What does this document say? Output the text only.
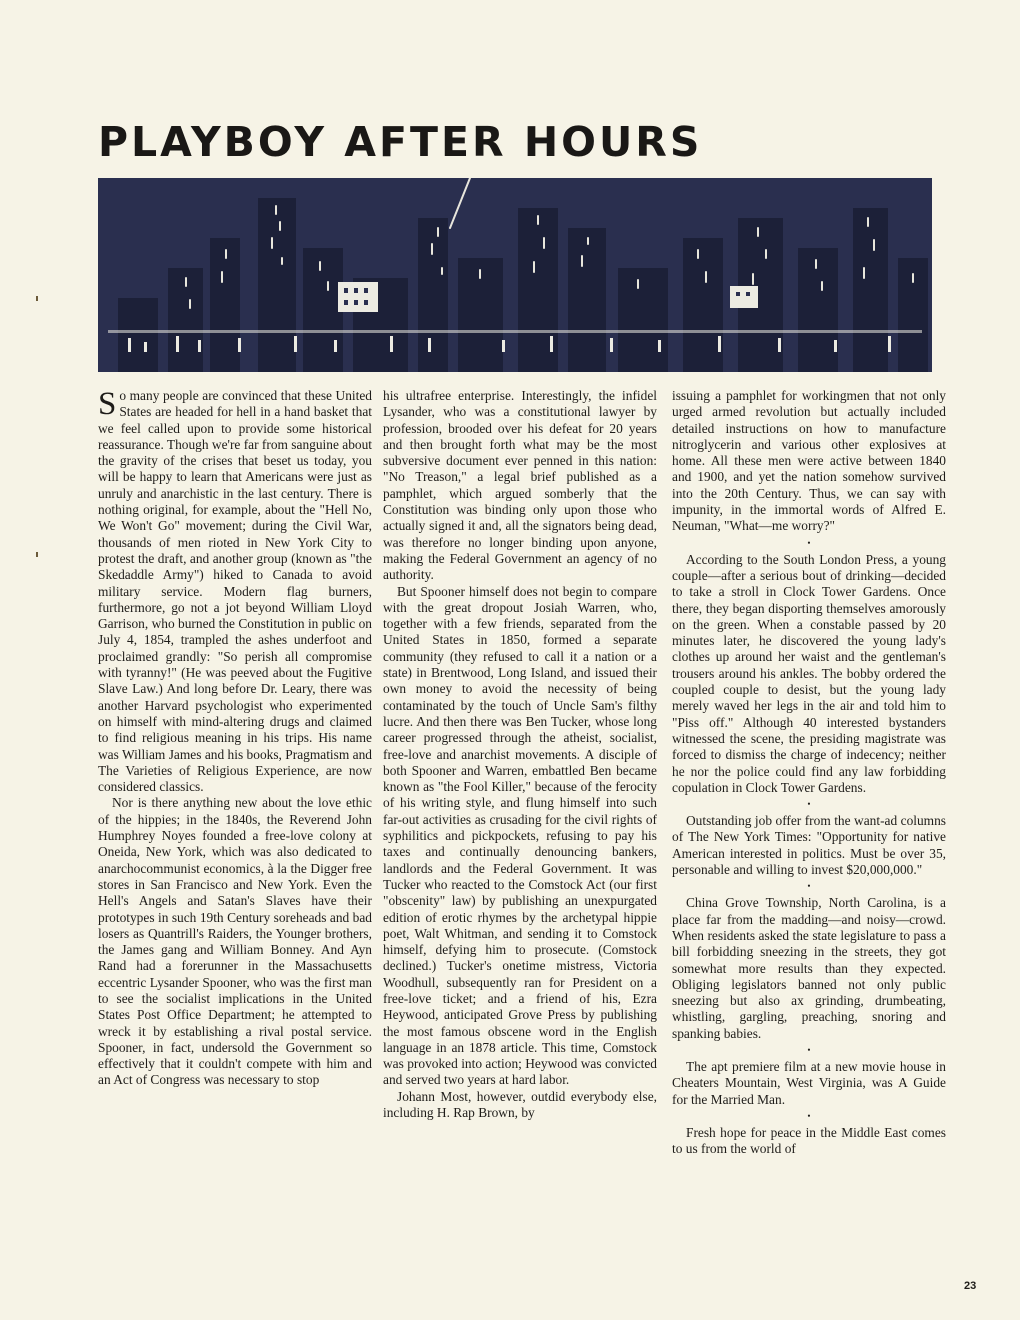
PLAYBOY AFTER HOURS

So many people are convinced that these United States are headed for hell in a hand basket that we feel called upon to provide some historical reassurance. Though we're far from sanguine about the gravity of the crises that beset us today, you will be happy to learn that Americans were just as unruly and anarchistic in the last century. There is nothing original, for example, about the "Hell No, We Won't Go" movement; during the Civil War, thousands of men rioted in New York City to protest the draft, and another group (known as "the Skedaddle Army") hiked to Canada to avoid military service. Modern flag burners, furthermore, go not a jot beyond William Lloyd Garrison, who burned the Constitution in public on July 4, 1854, trampled the ashes underfoot and proclaimed grandly: "So perish all compromise with tyranny!" (He was peeved about the Fugitive Slave Law.) And long before Dr. Leary, there was another Harvard psychologist who experimented on himself with mind-altering drugs and claimed to find religious meaning in his trips. His name was William James and his books, Pragmatism and The Varieties of Religious Experience, are now considered classics.

Nor is there anything new about the love ethic of the hippies; in the 1840s, the Reverend John Humphrey Noyes founded a free-love colony at Oneida, New York, which was also dedicated to anarchocommunist economics, à la the Digger free stores in San Francisco and New York. Even the Hell's Angels and Satan's Slaves have their prototypes in such 19th Century soreheads and bad losers as Quantrill's Raiders, the Younger brothers, the James gang and William Bonney. And Ayn Rand had a forerunner in the Massachusetts eccentric Lysander Spooner, who was the first man to see the socialist implications in the United States Post Office Department; he attempted to wreck it by establishing a rival postal service. Spooner, in fact, undersold the Government so effectively that it couldn't compete with him and an Act of Congress was necessary to stop

his ultrafree enterprise. Interestingly, the infidel Lysander, who was a constitutional lawyer by profession, brooded over his defeat for 20 years and then brought forth what may be the most subversive document ever penned in this nation: "No Treason," a legal brief published as a pamphlet, which argued somberly that the Constitution was binding only upon those who actually signed it and, all the signators being dead, was therefore no longer binding upon anyone, making the Federal Government an agency of no authority.

But Spooner himself does not begin to compare with the great dropout Josiah Warren, who, together with a few friends, separated from the United States in 1850, formed a separate community (they refused to call it a nation or a state) in Brentwood, Long Island, and issued their own money to avoid the necessity of being contaminated by the touch of Uncle Sam's filthy lucre. And then there was Ben Tucker, whose long career progressed through the atheist, socialist, free-love and anarchist movements. A disciple of both Spooner and Warren, embattled Ben became known as "the Fool Killer," because of the ferocity of his writing style, and flung himself into such far-out activities as crusading for the civil rights of syphilitics and pickpockets, refusing to pay his taxes and continually denouncing bankers, landlords and the Federal Government. It was Tucker who reacted to the Comstock Act (our first "obscenity" law) by publishing an unexpurgated edition of erotic rhymes by the archetypal hippie poet, Walt Whitman, and sending it to Comstock himself, defying him to prosecute. (Comstock declined.) Tucker's onetime mistress, Victoria Woodhull, subsequently ran for President on a free-love ticket; and a friend of his, Ezra Heywood, anticipated Grove Press by publishing the most famous obscene word in the English language in an 1878 article. This time, Comstock was provoked into action; Heywood was convicted and served two years at hard labor.

Johann Most, however, outdid everybody else, including H. Rap Brown, by

issuing a pamphlet for workingmen that not only urged armed revolution but actually included detailed instructions on how to manufacture nitroglycerin and various other explosives at home. All these men were active between 1840 and 1900, and yet the nation somehow survived into the 20th Century. Thus, we can say with impunity, in the immortal words of Alfred E. Neuman, "What—me worry?"

•

According to the South London Press, a young couple—after a serious bout of drinking—decided to take a stroll in Clock Tower Gardens. Once there, they began disporting themselves amorously on the green. When a constable passed by 20 minutes later, he discovered the young lady's clothes up around her waist and the gentleman's trousers around his ankles. The bobby ordered the coupled couple to desist, but the young lady merely waved her legs in the air and told him to "Piss off." Although 40 interested bystanders witnessed the scene, the presiding magistrate was forced to dismiss the charge of indecency; neither he nor the police could find any law forbidding copulation in Clock Tower Gardens.

•

Outstanding job offer from the want-ad columns of The New York Times: "Opportunity for native American interested in politics. Must be over 35, personable and willing to invest $20,000,000."

•

China Grove Township, North Carolina, is a place far from the madding—and noisy—crowd. When residents asked the state legislature to pass a bill forbidding sneezing in the streets, they got somewhat more results than they expected. Obliging legislators banned not only public sneezing but also ax grinding, drumbeating, whistling, gargling, preaching, snoring and spanking babies.

•

The apt premiere film at a new movie house in Cheaters Mountain, West Virginia, was A Guide for the Married Man.

•

Fresh hope for peace in the Middle East comes to us from the world of

23
